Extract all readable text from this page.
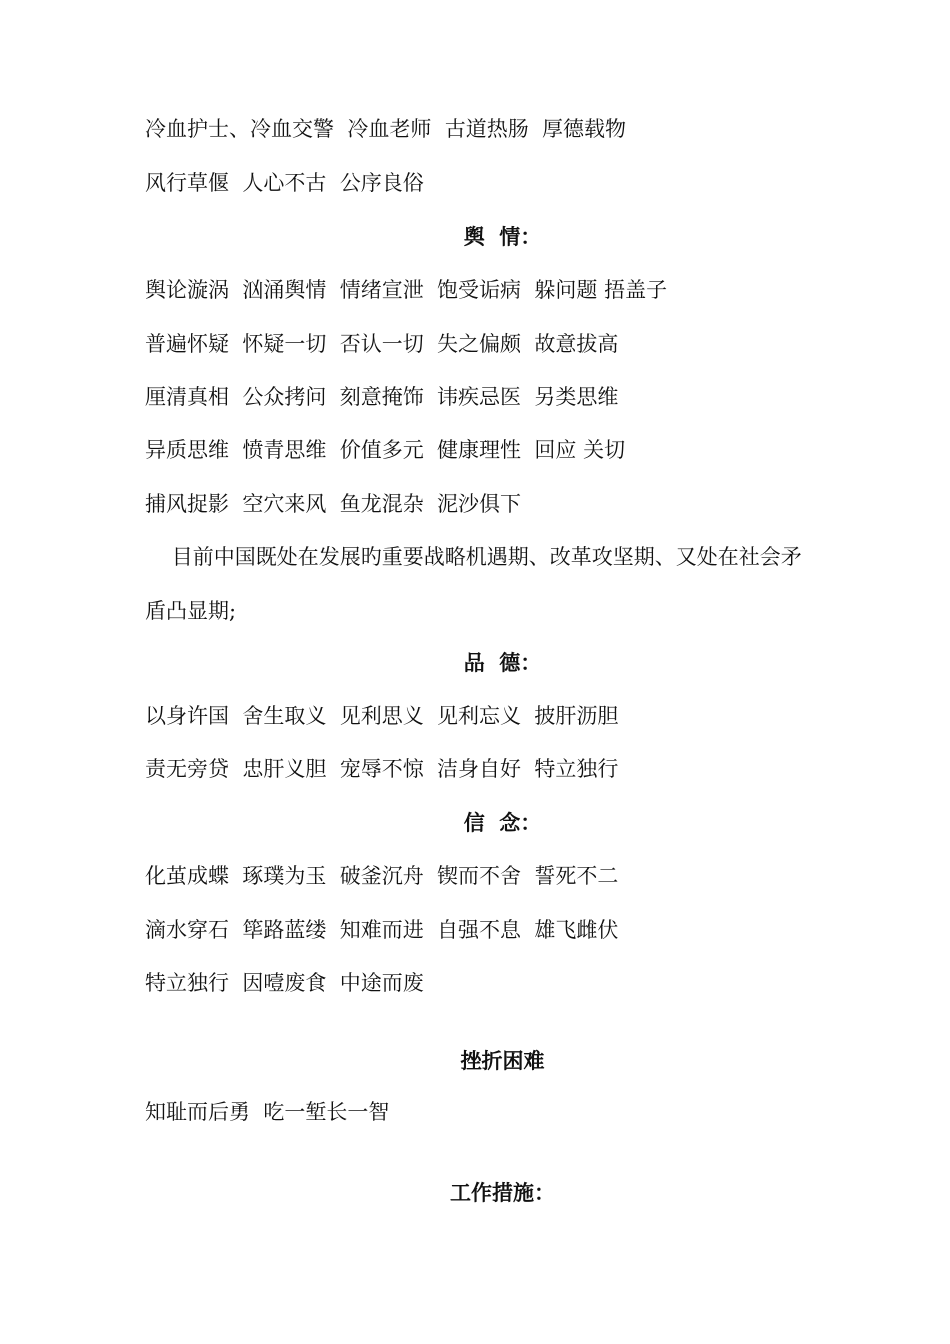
冷血护士、冷血交警  冷血老师  古道热肠  厚德载物
风行草偃  人心不古  公序良俗
舆  情：
舆论漩涡  汹涌舆情  情绪宣泄  饱受诟病  躲问题 捂盖子
普遍怀疑  怀疑一切  否认一切  失之偏颇  故意拔高
厘清真相  公众拷问  刻意掩饰  讳疾忌医  另类思维
异质思维  愤青思维  价值多元  健康理性  回应 关切
捕风捉影  空穴来风  鱼龙混杂  泥沙俱下
目前中国既处在发展旳重要战略机遇期、改革攻坚期、又处在社会矛
盾凸显期;
品  德：
以身许国  舍生取义  见利思义  见利忘义  披肝沥胆
责无旁贷  忠肝义胆  宠辱不惊  洁身自好  特立独行
信  念：
化茧成蝶  琢璞为玉  破釜沉舟  锲而不舍  誓死不二
滴水穿石  筚路蓝缕  知难而进  自强不息  雄飞雌伏
特立独行  因噎废食  中途而废
挫折困难
知耻而后勇  吃一堑长一智
工作措施：
